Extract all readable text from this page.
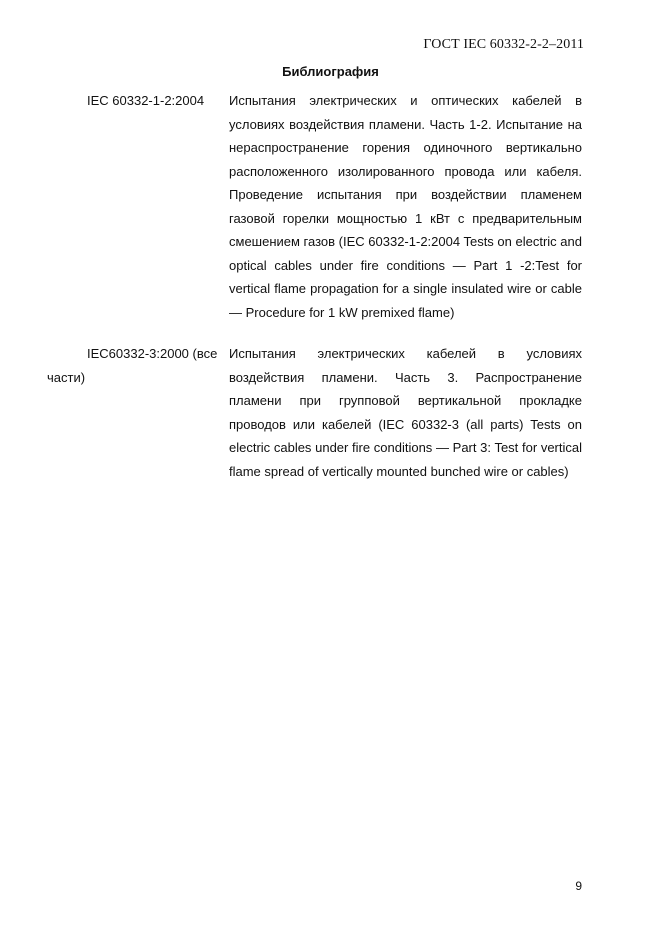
ГОСТ IEC 60332-2-2–2011
Библиография
IEC 60332-1-2:2004	Испытания электрических и оптических кабелей в условиях воздействия пламени. Часть 1-2. Испытание на нераспространение горения одиночного вертикально расположенного изолированного провода или кабеля. Проведение испытания при воздействии пламенем газовой горелки мощностью 1 кВт с предварительным смешением газов (IEC 60332-1-2:2004 Tests on electric and optical cables under fire conditions — Part 1 -2:Test for vertical flame propagation for a single insulated wire or cable — Procedure for 1 kW premixed flame)
IEC60332-3:2000 (все части)
Испытания электрических кабелей в условиях воздействия пламени. Часть 3. Распространение пламени при групповой вертикальной прокладке проводов или кабелей (IEC 60332-3 (all parts) Tests on electric cables under fire conditions — Part 3: Test for vertical flame spread of vertically mounted bunched wire or cables)
9
